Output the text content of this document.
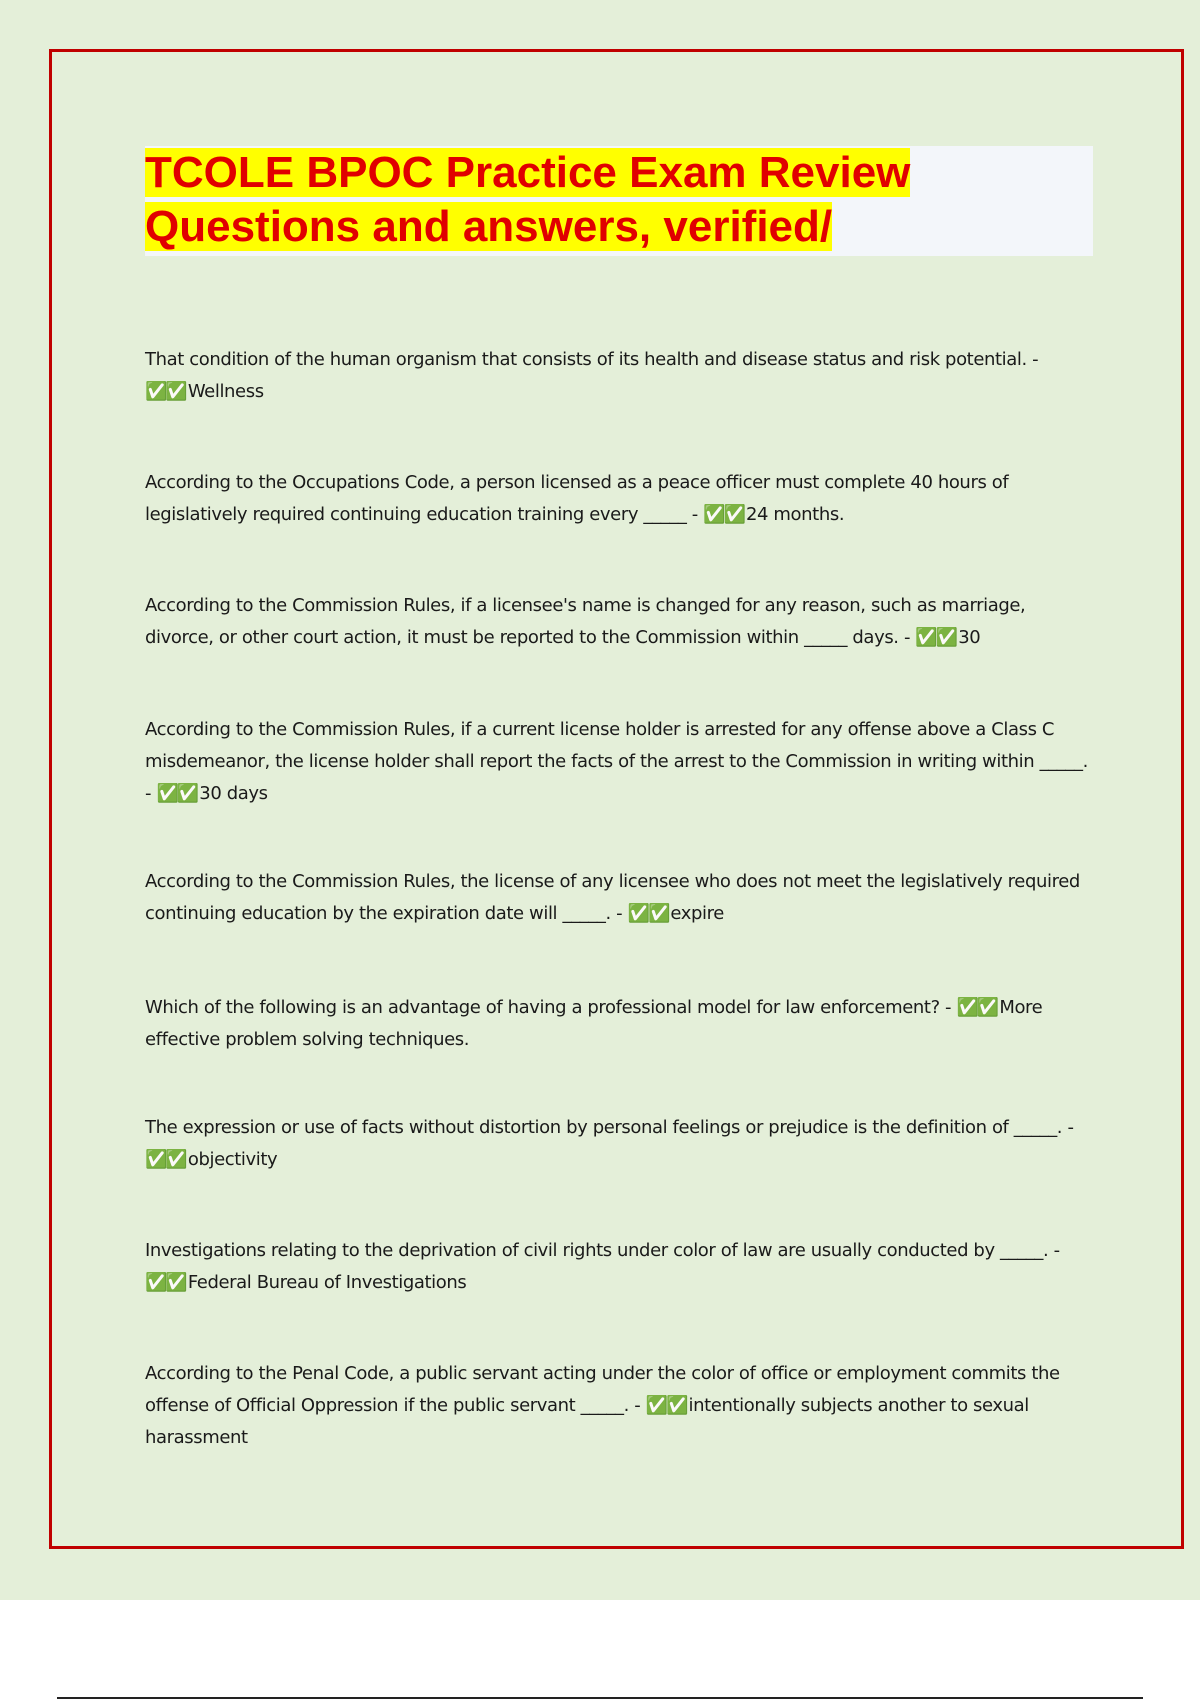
TCOLE BPOC Practice Exam Review
Questions and answers, verified/

That condition of the human organism that consists of its health and disease status and risk potential. - ✅✅ Wellness

According to the Occupations Code, a person licensed as a peace officer must complete 40 hours of legislatively required continuing education training every _____ - ✅✅ 24 months.

According to the Commission Rules, if a licensee's name is changed for any reason, such as marriage, divorce, or other court action, it must be reported to the Commission within _____ days. - ✅✅ 30

According to the Commission Rules, if a current license holder is arrested for any offense above a Class C misdemeanor, the license holder shall report the facts of the arrest to the Commission in writing within _____. - ✅✅ 30 days

According to the Commission Rules, the license of any licensee who does not meet the legislatively required continuing education by the expiration date will _____. - ✅✅ expire

Which of the following is an advantage of having a professional model for law enforcement? - ✅✅ More effective problem solving techniques.

The expression or use of facts without distortion by personal feelings or prejudice is the definition of _____. - ✅✅ objectivity

Investigations relating to the deprivation of civil rights under color of law are usually conducted by _____. - ✅✅ Federal Bureau of Investigations

According to the Penal Code, a public servant acting under the color of office or employment commits the offense of Official Oppression if the public servant _____. - ✅✅ intentionally subjects another to sexual harassment
